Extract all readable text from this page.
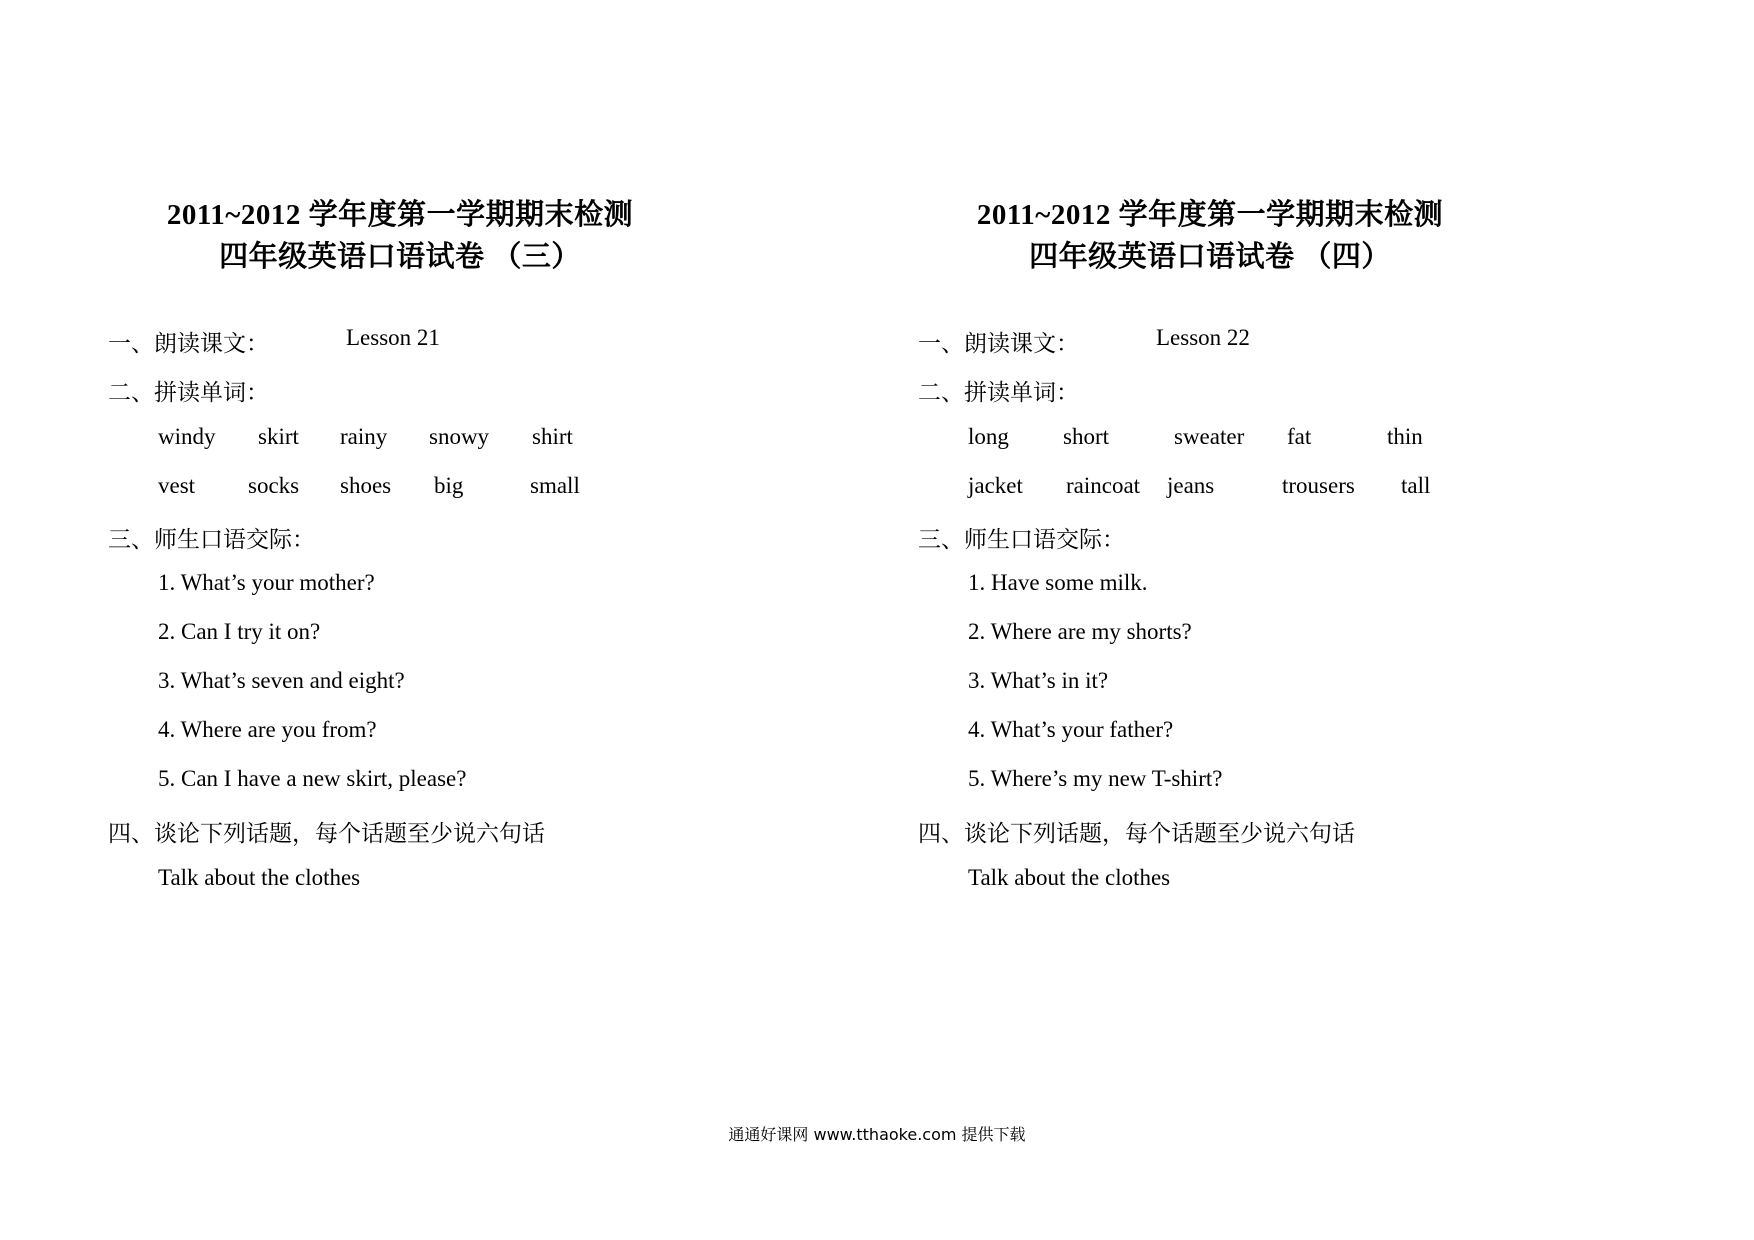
2011~2012 学年度第一学期期末检测
四年级英语口语试卷 （三）
一、朗读课文：	Lesson 21
二、拼读单词：
windy skirt rainy snowy shirt
vest socks shoes big	small
三、师生口语交际：
1. What’s your mother?
2. Can I try it on?
3. What’s seven and eight?
4. Where are you from?
5. Can I have a new skirt, please?
四、谈论下列话题，每个话题至少说六句话
Talk about the clothes
2011~2012 学年度第一学期期末检测
四年级英语口语试卷 （四）
一、朗读课文：	Lesson 22
二、拼读单词：
long short	sweater fat	thin
jacket raincoat jeans	trousers tall
三、师生口语交际：
1. Have some milk.
2. Where are my shorts?
3. What’s in it?
4. What’s your father?
5. Where’s my new T-shirt?
四、谈论下列话题，每个话题至少说六句话
Talk about the clothes
通通好课网 www.tthaoke.com 提供下载
